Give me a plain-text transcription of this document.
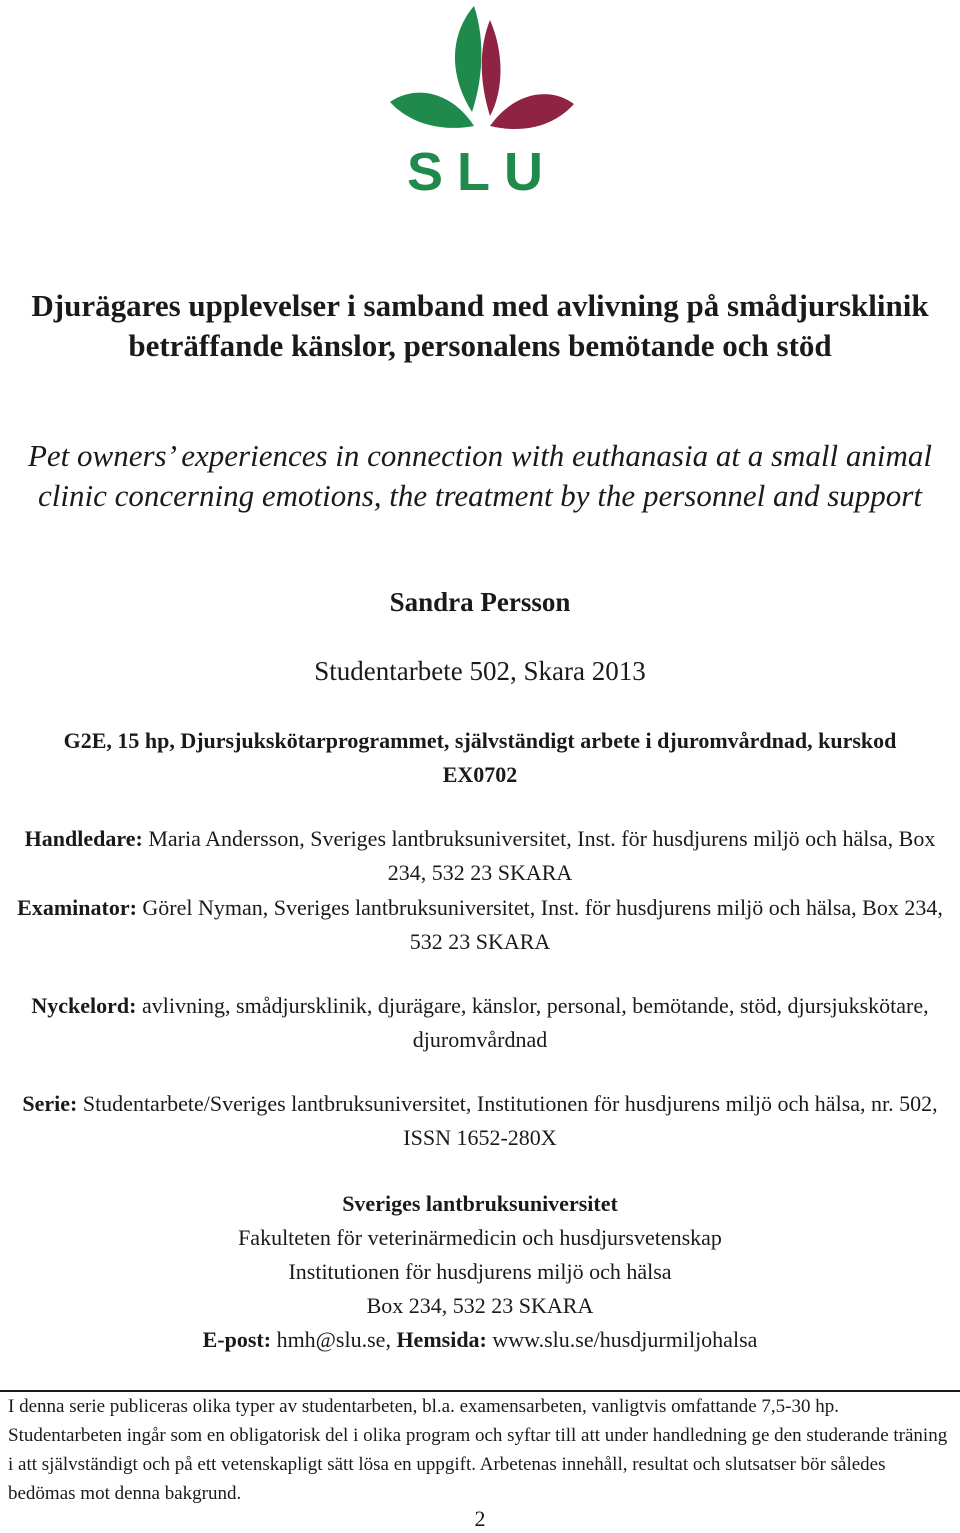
SLU
Djurägares upplevelser i samband med avlivning på smådjursklinik beträffande känslor, personalens bemötande och stöd
Pet owners’ experiences in connection with euthanasia at a small animal clinic concerning emotions, the treatment by the personnel and support
Sandra Persson
Studentarbete 502, Skara 2013
G2E, 15 hp, Djursjukskötarprogrammet, självständigt arbete i djuromvårdnad, kurskod EX0702
Handledare: Maria Andersson, Sveriges lantbruksuniversitet, Inst. för husdjurens miljö och hälsa, Box 234, 532 23 SKARA
Examinator: Görel Nyman, Sveriges lantbruksuniversitet, Inst. för husdjurens miljö och hälsa, Box 234, 532 23 SKARA
Nyckelord: avlivning, smådjursklinik, djurägare, känslor, personal, bemötande, stöd, djursjukskötare, djuromvårdnad
Serie: Studentarbete/Sveriges lantbruksuniversitet, Institutionen för husdjurens miljö och hälsa, nr. 502, ISSN 1652-280X
Sveriges lantbruksuniversitet
Fakulteten för veterinärmedicin och husdjursvetenskap
Institutionen för husdjurens miljö och hälsa
Box 234, 532 23 SKARA
E-post: hmh@slu.se, Hemsida: www.slu.se/husdjurmiljohalsa
I denna serie publiceras olika typer av studentarbeten, bl.a. examensarbeten, vanligtvis omfattande 7,5-30 hp. Studentarbeten ingår som en obligatorisk del i olika program och syftar till att under handledning ge den studerande träning i att självständigt och på ett vetenskapligt sätt lösa en uppgift. Arbetenas innehåll, resultat och slutsatser bör således bedömas mot denna bakgrund.
2
